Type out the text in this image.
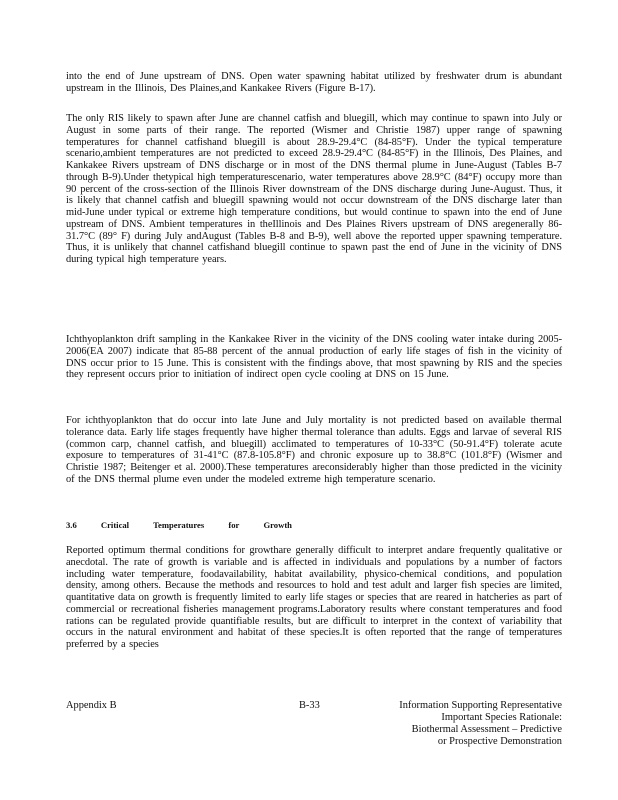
into the end of June upstream of DNS. Open water spawning habitat utilized by freshwater drum is abundant upstream in the Illinois, Des Plaines,and Kankakee Rivers (Figure B-17).

The only RIS likely to spawn after June are channel catfish and bluegill, which may continue to spawn into July or August in some parts of their range. The reported (Wismer and Christie 1987) upper range of spawning temperatures for channel catfishand bluegill is about 28.9-29.4°C (84-85°F). Under the typical temperature scenario,ambient temperatures are not predicted to exceed 28.9-29.4°C (84-85°F) in the Illinois, Des Plaines, and Kankakee Rivers upstream of DNS discharge or in most of the DNS thermal plume in June-August (Tables B-7 through B-9).Under thetypical high temperaturescenario, water temperatures above 28.9°C (84°F) occupy more than 90 percent of the cross-section of the Illinois River downstream of the DNS discharge during June-August. Thus, it is likely that channel catfish and bluegill spawning would not occur downstream of the DNS discharge later than mid-June under typical or extreme high temperature conditions, but would continue to spawn into the end of June upstream of DNS. Ambient temperatures in theIllinois and Des Plaines Rivers upstream of DNS aregenerally 86-31.7°C (89° F) during July andAugust (Tables B-8 and B-9), well above the reported upper spawning temperature. Thus, it is unlikely that channel catfishand bluegill continue to spawn past the end of June in the vicinity of DNS during typical high temperature years.

Ichthyoplankton drift sampling in the Kankakee River in the vicinity of the DNS cooling water intake during 2005-2006(EA 2007) indicate that 85-88 percent of the annual production of early life stages of fish in the vicinity of DNS occur prior to 15 June. This is consistent with the findings above, that most spawning by RIS and the species they represent occurs prior to initiation of indirect open cycle cooling at DNS on 15 June.

For ichthyoplankton that do occur into late June and July mortality is not predicted based on available thermal tolerance data. Early life stages frequently have higher thermal tolerance than adults. Eggs and larvae of several RIS (common carp, channel catfish, and bluegill) acclimated to temperatures of 10-33°C (50-91.4°F) tolerate acute exposure to temperatures of 31-41°C (87.8-105.8°F) and chronic exposure up to 38.8°C (101.8°F) (Wismer and Christie 1987; Beitenger et al. 2000).These temperatures areconsiderably higher than those predicted in the vicinity of the DNS thermal plume even under the modeled extreme high temperature scenario.

3.6	Critical	Temperatures	for	Growth

Reported optimum thermal conditions for growthare generally difficult to interpret andare frequently qualitative or anecdotal. The rate of growth is variable and is affected in individuals and populations by a number of factors including water temperature, foodavailability, habitat availability, physico-chemical conditions, and population density, among others. Because the methods and resources to hold and test adult and larger fish species are limited, quantitative data on growth is frequently limited to early life stages or species that are reared in hatcheries as part of commercial or recreational fisheries management programs.Laboratory results where constant temperatures and food rations can be regulated provide quantifiable results, but are difficult to interpret in the context of variability that occurs in the natural environment and habitat of these species.It is often reported that the range of temperatures preferred by a species

Appendix B	B-33	Information Supporting Representative
Important Species Rationale:
Biothermal Assessment – Predictive
or Prospective Demonstration
